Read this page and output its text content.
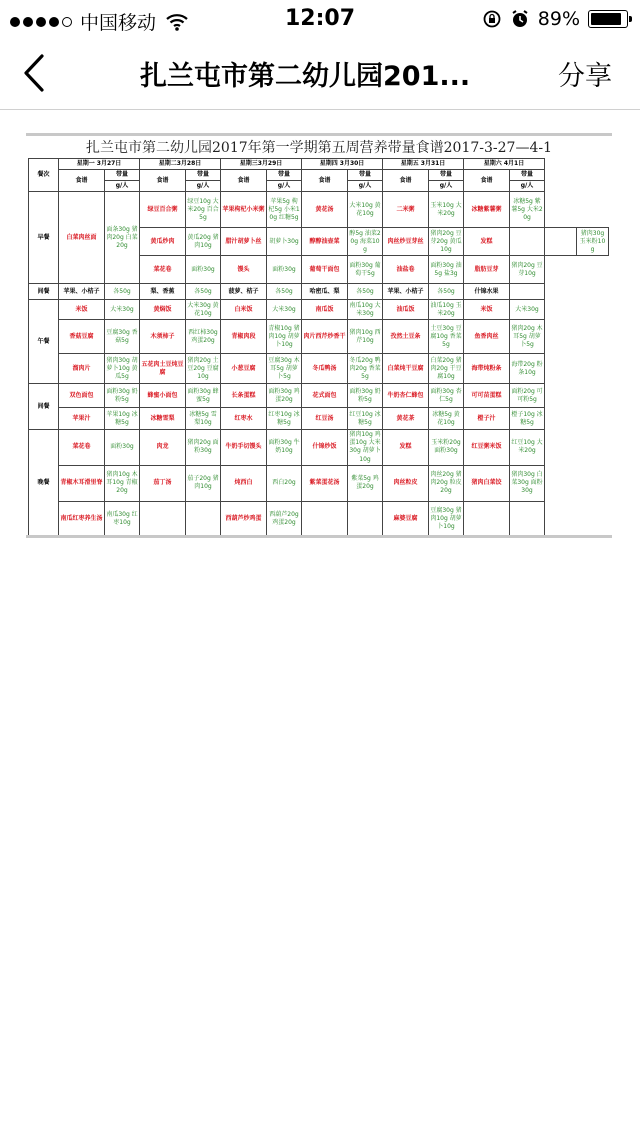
中国移动	12:07	89%
扎兰屯市第二幼儿园201...	分享
扎兰屯市第二幼儿园2017年第一学期第五周营养带量食谱2017-3-27—4-1
餐次	星期一 3月27日		星期二3月28日		星期三3月29日		星期四 3月30日		星期五 3月31日		星期六 4月1日			
	食谱	带量	食谱	带量	食谱	带量	食谱	带量	食谱	带量	食谱	带量		
		g/人		g/人		g/人		g/人		g/人		g/人		
早餐	白菜肉丝面	面条30g 猪肉20g 白菜20g	绿豆百合粥	绿豆10g 大米20g 百合5g	苹果枸杞小米粥	苹果5g 枸杞5g 小米10g 红糖5g	黄花汤	大米10g 黄花10g	二米粥	玉米10g 大米20g	冰糖紫薯粥	冰糖5g 紫薯5g 大米20g		
			黄瓜炒肉	黄瓜20g 猪肉10g	腊汁胡萝卜丝	胡萝卜30g	醇醇油壶菜	醇5g 油菜20g 海菜10g	肉丝炒豆芽丝	猪肉20g 豆芽20g 黄瓜10g	发糕			猪肉30g 玉米粉10g
			菜花卷	面粉30g	馒头	面粉30g	葡萄干面包	面粉30g 葡萄干5g	油盐卷	面粉30g 油5g 盐3g	脂肪豆芽	猪肉20g 豆芽10g		
间餐	苹果、小桔子	各50g	梨、香蕉	各50g	菠萝、桔子	各50g	哈密瓜、梨	各50g	苹果、小桔子	各50g	什锦水果			
午餐	米饭	大米30g	黄焖饭	大米30g 黄花10g	白米饭	大米30g	南瓜饭	南瓜10g 大米30g	油瓜饭	油瓜10g 玉米20g	米饭	大米30g		
	香菇豆腐	豆腐30g 香菇5g	木须柿子	西红柿30g 鸡蛋20g	青椒肉段	青椒10g 猪肉10g 胡萝卜10g	肉片西芹炒香干	猪肉10g 西芹10g	孜然土豆条	土豆30g 豆腐10g 香菜5g	鱼香肉丝	猪肉20g 木耳5g 胡萝卜5g		
	溜肉片	猪肉30g 胡萝卜10g 黄瓜5g	五花肉土豆炖豆腐	猪肉20g 土豆20g 豆腐10g	小葱豆腐	豆腐30g 木耳5g 胡萝卜5g	冬瓜鸭汤	冬瓜20g 鸭肉20g 香菜5g	白菜炖干豆腐	白菜20g 猪肉20g 干豆腐10g	海带炖粉条	海带20g 粉条10g		
间餐	双色面包	面粉30g 奶粉5g	蜂蜜小面包	面粉30g 蜂蜜5g	长条蛋糕	面粉30g 鸡蛋20g	花式面包	面粉30g 奶粉5g	牛奶杏仁蜂包	面粉30g 杏仁5g	可可苗蛋糕	面粉20g 可可粉5g		
	苹果汁	苹果10g 冰糖5g	冰糖雪梨	冰糖5g 雪梨10g	红枣水	红枣10g 冰糖5g	红豆汤	红豆10g 冰糖5g	黄花茶	冰糖5g 黄花10g	橙子汁	橙子10g 冰糖5g		
晚餐	菜花卷	面粉30g	肉龙	猪肉20g 面粉30g	牛奶手切馒头	面粉30g 牛奶10g	什锦炒饭	猪肉10g 鸡蛋10g 大米30g 胡萝卜10g	发糕	玉米粉20g 面粉30g	红豆粥米饭	红豆10g 大米20g		
	青椒木耳滑里脊	猪肉10g 木耳10g 青椒20g	茄丁汤	茄子20g 猪肉10g	炖西白	西白20g	紫菜蛋花汤	紫菜5g 鸡蛋20g	肉丝粒皮	肉丝20g 猪肉20g 粒皮20g	猪肉白菜饺	猪肉30g 白菜30g 面粉30g		
	南瓜红枣养生汤	南瓜30g 红枣10g			西葫芦炒鸡蛋	西葫芦20g 鸡蛋20g			麻婆豆腐	豆腐30g 猪肉10g 胡萝卜10g				
